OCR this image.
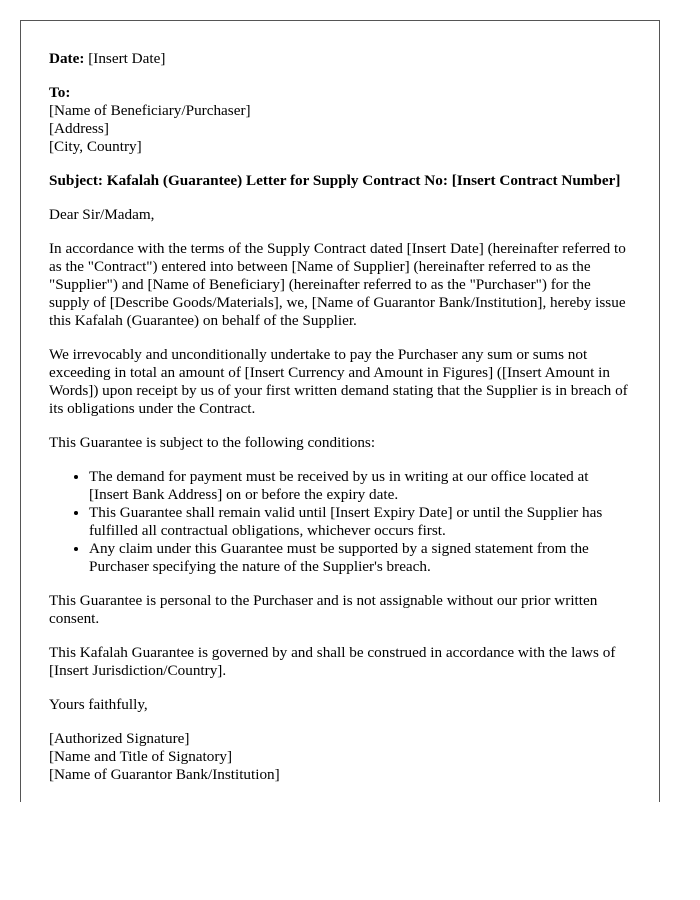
Date: [Insert Date]

To:
[Name of Beneficiary/Purchaser]
[Address]
[City, Country]

Subject: Kafalah (Guarantee) Letter for Supply Contract No: [Insert Contract Number]

Dear Sir/Madam,

In accordance with the terms of the Supply Contract dated [Insert Date] (hereinafter referred to as the "Contract") entered into between [Name of Supplier] (hereinafter referred to as the "Supplier") and [Name of Beneficiary] (hereinafter referred to as the "Purchaser") for the supply of [Describe Goods/Materials], we, [Name of Guarantor Bank/Institution], hereby issue this Kafalah (Guarantee) on behalf of the Supplier.

We irrevocably and unconditionally undertake to pay the Purchaser any sum or sums not exceeding in total an amount of [Insert Currency and Amount in Figures] ([Insert Amount in Words]) upon receipt by us of your first written demand stating that the Supplier is in breach of its obligations under the Contract.

This Guarantee is subject to the following conditions:

• The demand for payment must be received by us in writing at our office located at [Insert Bank Address] on or before the expiry date.
• This Guarantee shall remain valid until [Insert Expiry Date] or until the Supplier has fulfilled all contractual obligations, whichever occurs first.
• Any claim under this Guarantee must be supported by a signed statement from the Purchaser specifying the nature of the Supplier's breach.

This Guarantee is personal to the Purchaser and is not assignable without our prior written consent.

This Kafalah Guarantee is governed by and shall be construed in accordance with the laws of [Insert Jurisdiction/Country].

Yours faithfully,

[Authorized Signature]
[Name and Title of Signatory]
[Name of Guarantor Bank/Institution]
